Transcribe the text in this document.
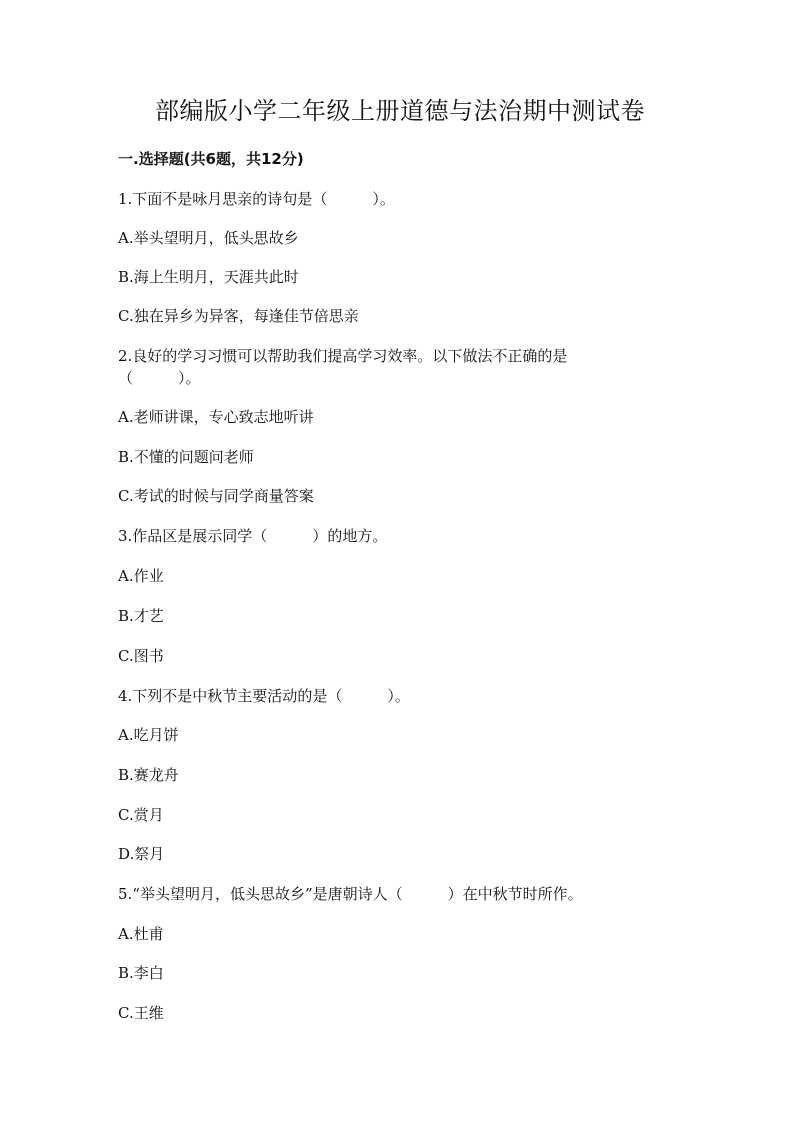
部编版小学二年级上册道德与法治期中测试卷
一.选择题(共6题，共12分)
1.下面不是咏月思亲的诗句是（　　　）。
A.举头望明月，低头思故乡
B.海上生明月，天涯共此时
C.独在异乡为异客，每逢佳节倍思亲
2.良好的学习习惯可以帮助我们提高学习效率。以下做法不正确的是
（　　　）。
A.老师讲课，专心致志地听讲
B.不懂的问题问老师
C.考试的时候与同学商量答案
3.作品区是展示同学（　　　）的地方。
A.作业
B.才艺
C.图书
4.下列不是中秋节主要活动的是（　　　）。
A.吃月饼
B.赛龙舟
C.赏月
D.祭月
5.“举头望明月，低头思故乡”是唐朝诗人（　　　）在中秋节时所作。
A.杜甫
B.李白
C.王维
